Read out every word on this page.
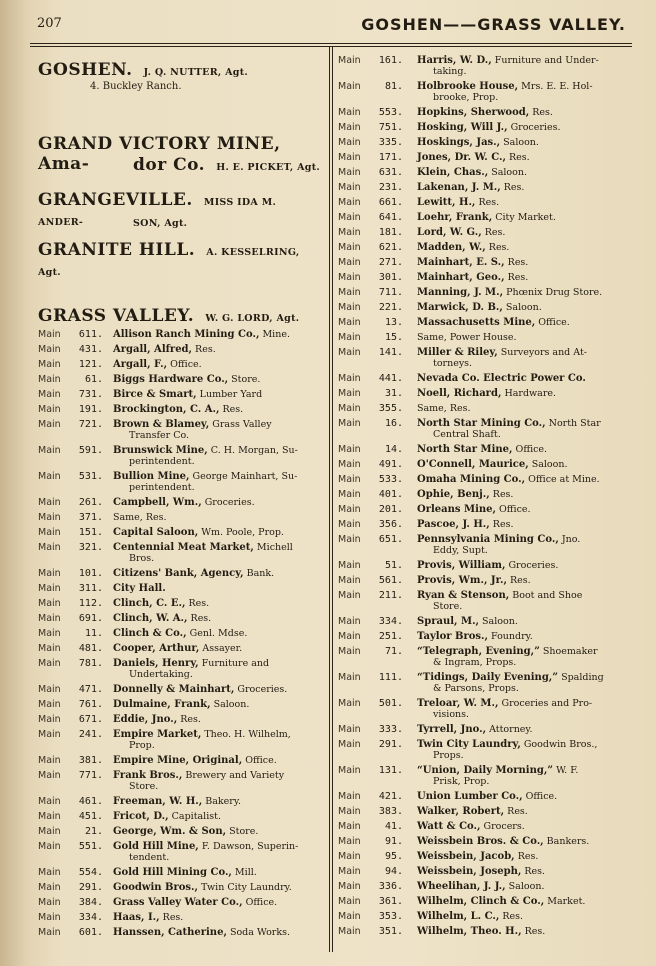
207	GOSHEN——GRASS VALLEY.
GOSHEN. J. Q. NUTTER, Agt.
4. Buckley Ranch.
GRAND VICTORY MINE, Ama-	dor Co. H. E. PICKET, Agt.
GRANGEVILLE. MISS IDA M. ANDER-	SON, Agt.
GRANITE HILL. A. KESSELRING, Agt.
GRASS VALLEY. W. G. LORD, Agt.
Main	611. Allison Ranch Mining Co., Mine.
Main	431. Argall, Alfred, Res.
Main	121. Argall, F., Office.
Main	61. Biggs Hardware Co., Store.
Main	731. Birce & Smart, Lumber Yard
Main	191. Brockington, C. A., Res.
Main	721. Brown & Blamey, Grass Valley
Transfer Co.
Main	591. Brunswick Mine, C. H. Morgan, Su-
perintendent.
Main	531. Bullion Mine, George Mainhart, Su-
perintendent.
Main	261. Campbell, Wm., Groceries.
Main	371. Same, Res.
Main	151. Capital Saloon, Wm. Poole, Prop.
Main	321. Centennial Meat Market, Michell
Bros.
Main	101. Citizens' Bank, Agency, Bank.
Main	311. City Hall.
Main	112. Clinch, C. E., Res.
Main	691. Clinch, W. A., Res.
Main	11. Clinch & Co., Genl. Mdse.
Main	481. Cooper, Arthur, Assayer.
Main	781. Daniels, Henry, Furniture and
Undertaking.
Main	471. Donnelly & Mainhart, Groceries.
Main	761. Dulmaine, Frank, Saloon.
Main	671. Eddie, Jno., Res.
Main	241. Empire Market, Theo. H. Wilhelm,
Prop.
Main	381. Empire Mine, Original, Office.
Main	771. Frank Bros., Brewery and Variety
Store.
Main	461. Freeman, W. H., Bakery.
Main	451. Fricot, D., Capitalist.
Main	21. George, Wm. & Son, Store.
Main	551. Gold Hill Mine, F. Dawson, Superin-
tendent.
Main	554. Gold Hill Mining Co., Mill.
Main	291. Goodwin Bros., Twin City Laundry.
Main	384. Grass Valley Water Co., Office.
Main	334. Haas, I., Res.
Main	601. Hanssen, Catherine, Soda Works.
Main	161. Harris, W. D., Furniture and Under-
taking.
Main	81. Holbrooke House, Mrs. E. E. Hol-
brooke, Prop.
Main	553. Hopkins, Sherwood, Res.
Main	751. Hosking, Will J., Groceries.
Main	335. Hoskings, Jas., Saloon.
Main	171. Jones, Dr. W. C., Res.
Main	631. Klein, Chas., Saloon.
Main	231. Lakenan, J. M., Res.
Main	661. Lewitt, H., Res.
Main	641. Loehr, Frank, City Market.
Main	181. Lord, W. G., Res.
Main	621. Madden, W., Res.
Main	271. Mainhart, E. S., Res.
Main	301. Mainhart, Geo., Res.
Main	711. Manning, J. M., Phœnix Drug Store.
Main	221. Marwick, D. B., Saloon.
Main	13. Massachusetts Mine, Office.
Main	15. Same, Power House.
Main	141. Miller & Riley, Surveyors and At-
torneys.
Main	441. Nevada Co. Electric Power Co.
Main	31. Noell, Richard, Hardware.
Main	355. Same, Res.
Main	16. North Star Mining Co., North Star
Central Shaft.
Main	14. North Star Mine, Office.
Main	491. O'Connell, Maurice, Saloon.
Main	533. Omaha Mining Co., Office at Mine.
Main	401. Ophie, Benj., Res.
Main	201. Orleans Mine, Office.
Main	356. Pascoe, J. H., Res.
Main	651. Pennsylvania Mining Co., Jno.
Eddy, Supt.
Main	51. Provis, William, Groceries.
Main	561. Provis, Wm., Jr., Res.
Main	211. Ryan & Stenson, Boot and Shoe
Store.
Main	334. Spraul, M., Saloon.
Main	251. Taylor Bros., Foundry.
Main	71. “Telegraph, Evening,” Shoemaker
& Ingram, Props.
Main	111. “Tidings, Daily Evening,” Spalding
& Parsons, Props.
Main	501. Treloar, W. M., Groceries and Pro-
visions.
Main	333. Tyrrell, Jno., Attorney.
Main	291. Twin City Laundry, Goodwin Bros.,
Props.
Main	131. “Union, Daily Morning,” W. F.
Prisk, Prop.
Main	421. Union Lumber Co., Office.
Main	383. Walker, Robert, Res.
Main	41. Watt & Co., Grocers.
Main	91. Weissbein Bros. & Co., Bankers.
Main	95. Weissbein, Jacob, Res.
Main	94. Weissbein, Joseph, Res.
Main	336. Wheelihan, J. J., Saloon.
Main	361. Wilhelm, Clinch & Co., Market.
Main	353. Wilhelm, L. C., Res.
Main	351. Wilhelm, Theo. H., Res.
